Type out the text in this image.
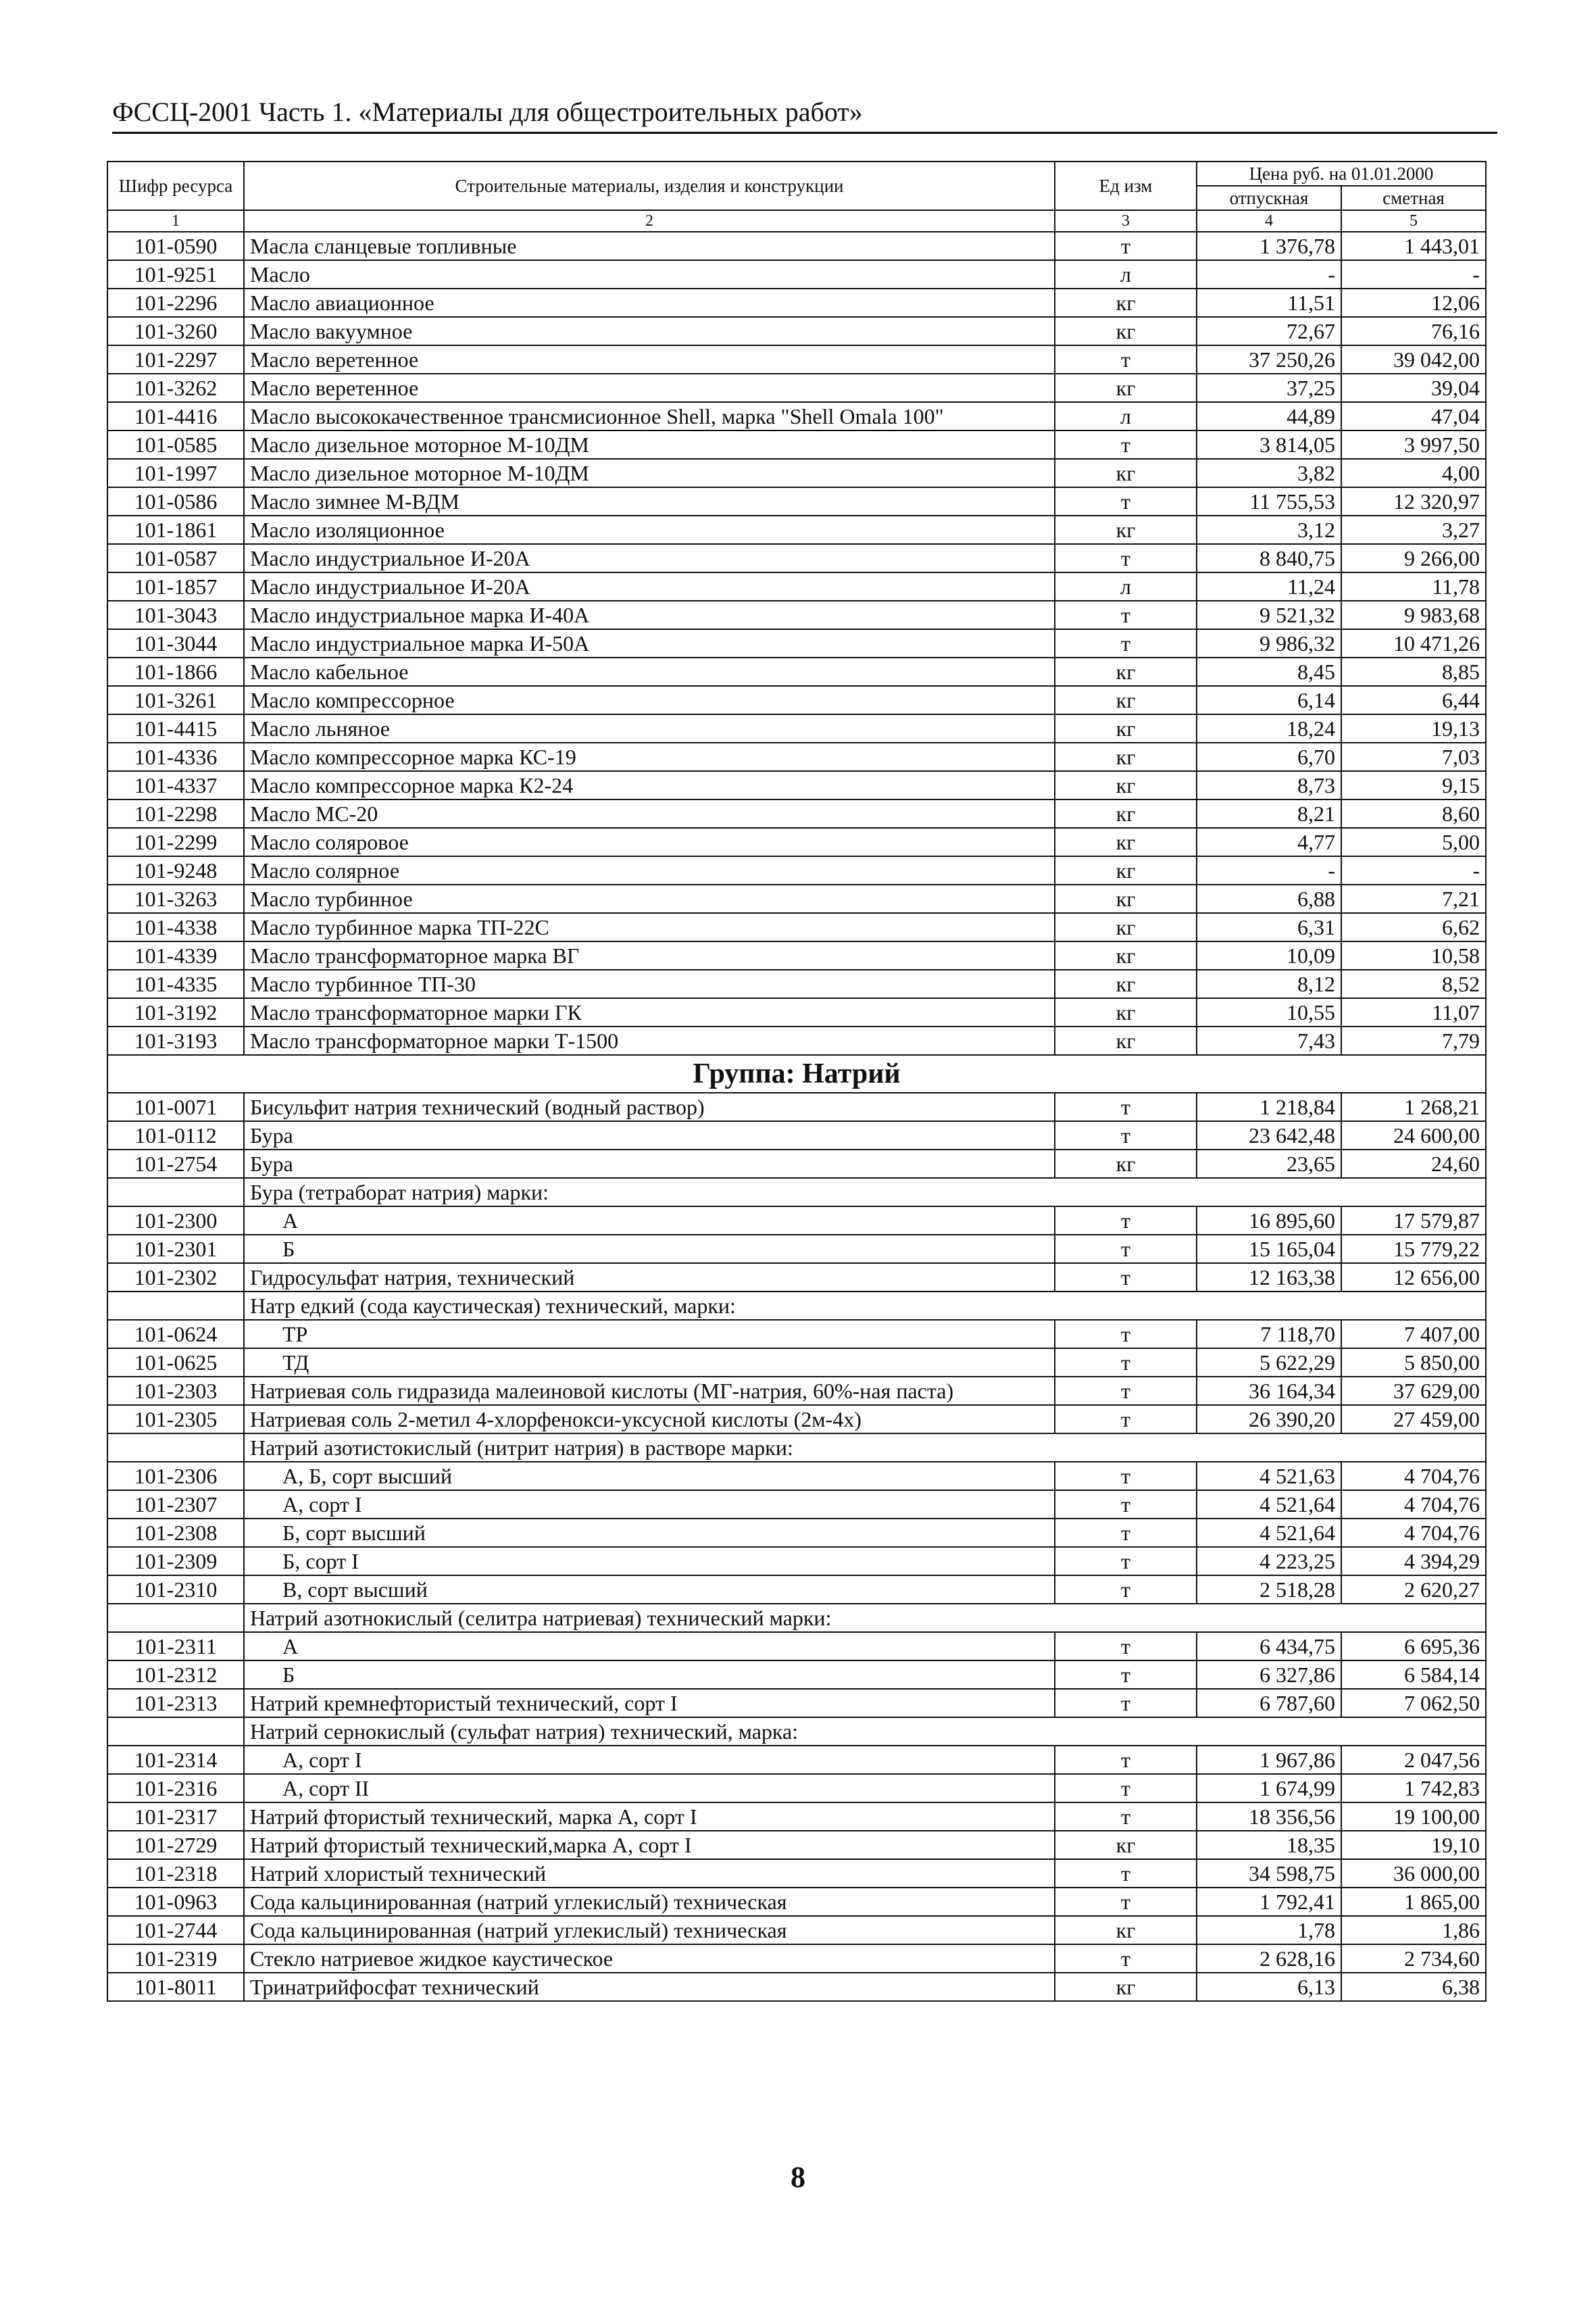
ФССЦ-2001 Часть 1. «Материалы для общестроительных работ»
Шифр ресурса	Строительные материалы, изделия и конструкции	Ед изм	Цена руб. на 01.01.2000	
			отпускная	сметная
1	2	3	4	5
101-0590	Масла сланцевые топливные	т	1 376,78	1 443,01
101-9251	Масло	л	-	-
101-2296	Масло авиационное	кг	11,51	12,06
101-3260	Масло вакуумное	кг	72,67	76,16
101-2297	Масло веретенное	т	37 250,26	39 042,00
101-3262	Масло веретенное	кг	37,25	39,04
101-4416	Масло высококачественное трансмисионное Shell, марка "Shell Omala 100"	л	44,89	47,04
101-0585	Масло дизельное моторное М-10ДМ	т	3 814,05	3 997,50
101-1997	Масло дизельное моторное М-10ДМ	кг	3,82	4,00
101-0586	Масло зимнее М-ВДМ	т	11 755,53	12 320,97
101-1861	Масло изоляционное	кг	3,12	3,27
101-0587	Масло индустриальное И-20А	т	8 840,75	9 266,00
101-1857	Масло индустриальное И-20А	л	11,24	11,78
101-3043	Масло индустриальное марка И-40А	т	9 521,32	9 983,68
101-3044	Масло индустриальное марка И-50А	т	9 986,32	10 471,26
101-1866	Масло кабельное	кг	8,45	8,85
101-3261	Масло компрессорное	кг	6,14	6,44
101-4415	Масло льняное	кг	18,24	19,13
101-4336	Масло компрессорное марка КС-19	кг	6,70	7,03
101-4337	Масло компрессорное марка К2-24	кг	8,73	9,15
101-2298	Масло МС-20	кг	8,21	8,60
101-2299	Масло соляровое	кг	4,77	5,00
101-9248	Масло солярное	кг	-	-
101-3263	Масло турбинное	кг	6,88	7,21
101-4338	Масло турбинное марка ТП-22С	кг	6,31	6,62
101-4339	Масло трансформаторное марка ВГ	кг	10,09	10,58
101-4335	Масло турбинное ТП-30	кг	8,12	8,52
101-3192	Масло трансформаторное марки ГК	кг	10,55	11,07
101-3193	Масло трансформаторное марки Т-1500	кг	7,43	7,79
Группа: Натрий				
101-0071	Бисульфит натрия технический (водный раствор)	т	1 218,84	1 268,21
101-0112	Бура	т	23 642,48	24 600,00
101-2754	Бура	кг	23,65	24,60
	Бура (тетраборат натрия) марки:			
101-2300	А	т	16 895,60	17 579,87
101-2301	Б	т	15 165,04	15 779,22
101-2302	Гидросульфат натрия, технический	т	12 163,38	12 656,00
	Натр едкий (сода каустическая) технический, марки:			
101-0624	ТР	т	7 118,70	7 407,00
101-0625	ТД	т	5 622,29	5 850,00
101-2303	Натриевая соль гидразида малеиновой кислоты (МГ-натрия, 60%-ная паста)	т	36 164,34	37 629,00
101-2305	Натриевая соль 2-метил 4-хлорфенокси-уксусной кислоты (2м-4х)	т	26 390,20	27 459,00
	Натрий азотистокислый (нитрит натрия) в растворе марки:			
101-2306	А, Б, сорт высший	т	4 521,63	4 704,76
101-2307	А, сорт I	т	4 521,64	4 704,76
101-2308	Б, сорт высший	т	4 521,64	4 704,76
101-2309	Б, сорт I	т	4 223,25	4 394,29
101-2310	В, сорт высший	т	2 518,28	2 620,27
	Натрий азотнокислый (селитра натриевая) технический марки:			
101-2311	А	т	6 434,75	6 695,36
101-2312	Б	т	6 327,86	6 584,14
101-2313	Натрий кремнефтористый технический, сорт I	т	6 787,60	7 062,50
	Натрий сернокислый (сульфат натрия) технический, марка:			
101-2314	А, сорт I	т	1 967,86	2 047,56
101-2316	А, сорт II	т	1 674,99	1 742,83
101-2317	Натрий фтористый технический, марка А, сорт I	т	18 356,56	19 100,00
101-2729	Натрий фтористый технический,марка А, сорт I	кг	18,35	19,10
101-2318	Натрий хлористый технический	т	34 598,75	36 000,00
101-0963	Сода кальцинированная (натрий углекислый) техническая	т	1 792,41	1 865,00
101-2744	Сода кальцинированная (натрий углекислый) техническая	кг	1,78	1,86
101-2319	Стекло натриевое жидкое каустическое	т	2 628,16	2 734,60
101-8011	Тринатрийфосфат технический	кг	6,13	6,38
8
